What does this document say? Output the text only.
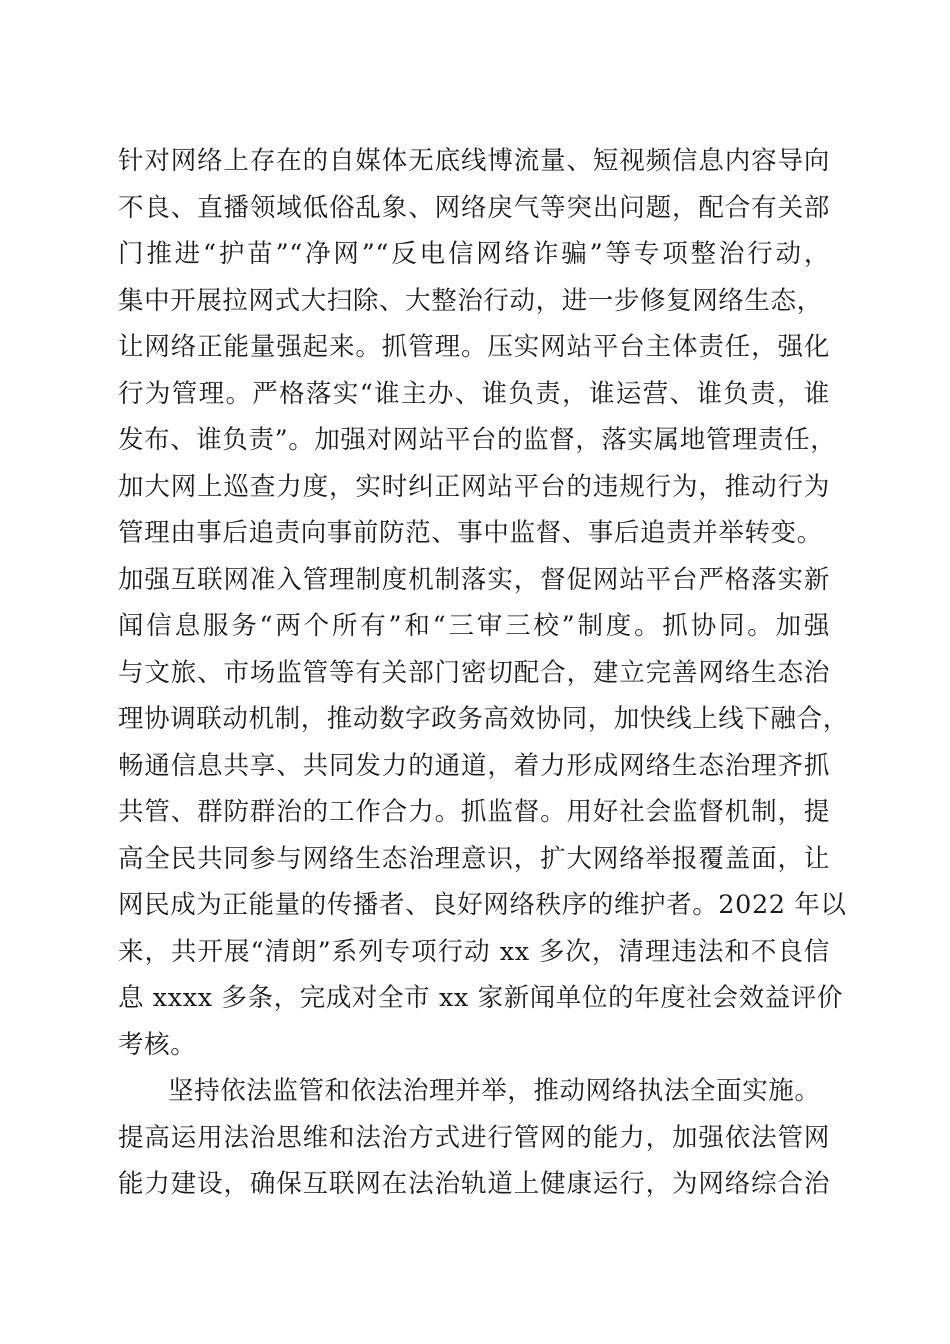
针对网络上存在的自媒体无底线博流量、短视频信息内容导向
不良、直播领域低俗乱象、网络戾气等突出问题，配合有关部
门推进“护苗”“净网”“反电信网络诈骗”等专项整治行动，
集中开展拉网式大扫除、大整治行动，进一步修复网络生态，
让网络正能量强起来。抓管理。压实网站平台主体责任，强化
行为管理。严格落实“谁主办、谁负责，谁运营、谁负责，谁
发布、谁负责”。加强对网站平台的监督，落实属地管理责任，
加大网上巡查力度，实时纠正网站平台的违规行为，推动行为
管理由事后追责向事前防范、事中监督、事后追责并举转变。
加强互联网准入管理制度机制落实，督促网站平台严格落实新
闻信息服务“两个所有”和“三审三校”制度。抓协同。加强
与文旅、市场监管等有关部门密切配合，建立完善网络生态治
理协调联动机制，推动数字政务高效协同，加快线上线下融合，
畅通信息共享、共同发力的通道，着力形成网络生态治理齐抓
共管、群防群治的工作合力。抓监督。用好社会监督机制，提
高全民共同参与网络生态治理意识，扩大网络举报覆盖面，让
网民成为正能量的传播者、良好网络秩序的维护者。2022 年以
来，共开展“清朗”系列专项行动 xx 多次，清理违法和不良信
息 xxxx 多条，完成对全市 xx 家新闻单位的年度社会效益评价
考核。
坚持依法监管和依法治理并举，推动网络执法全面实施。
提高运用法治思维和法治方式进行管网的能力，加强依法管网
能力建设，确保互联网在法治轨道上健康运行，为网络综合治
